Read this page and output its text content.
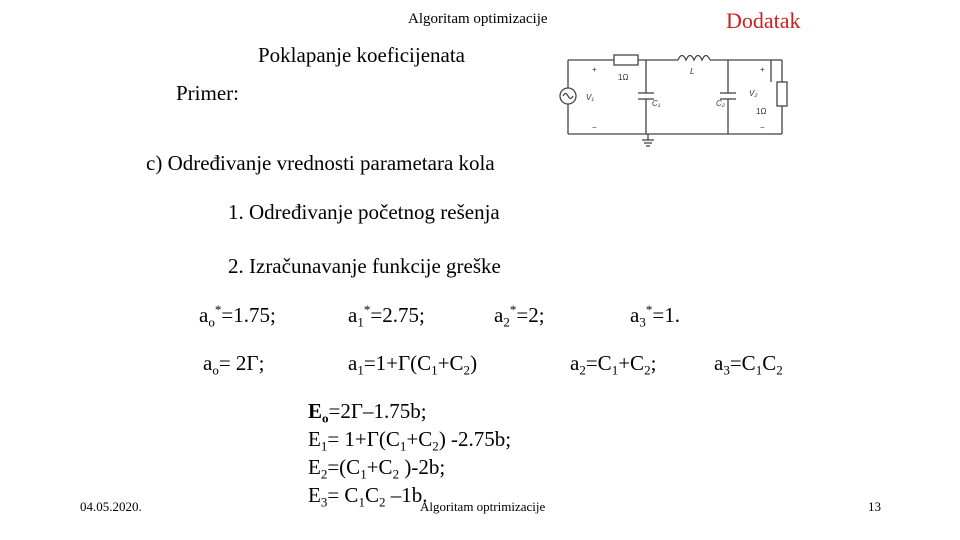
Algoritam optimizacije	Dodatak
Poklapanje koeficijenata
Primer:
1Ω
L
V₁
C₁	C₂
V₂
1Ω
+
−
+
−
c) Određivanje vrednosti parametara kola
1. Određivanje početnog rešenja
2. Izračunavanje funkcije greške
$a_o^*=1.75$;	$a_1^*=2.75$;	$a_2^*=2$;	$a_3^*=1$.
$a_o= 2\Gamma$;	$a_1=1+\Gamma(C_1+C_2)$	$a_2=C_1+C_2$;	$a_3=C_1C_2$
$E_o=2\Gamma-1.75b$;
$E_1= 1+\Gamma(C_1+C_2)$ -2.75b;
$E_2=(C_1+C_2$ )-2b;
$E_3= C_1C_2$ –1b.
04.05.2020.	Algoritam optrimizacije	13
